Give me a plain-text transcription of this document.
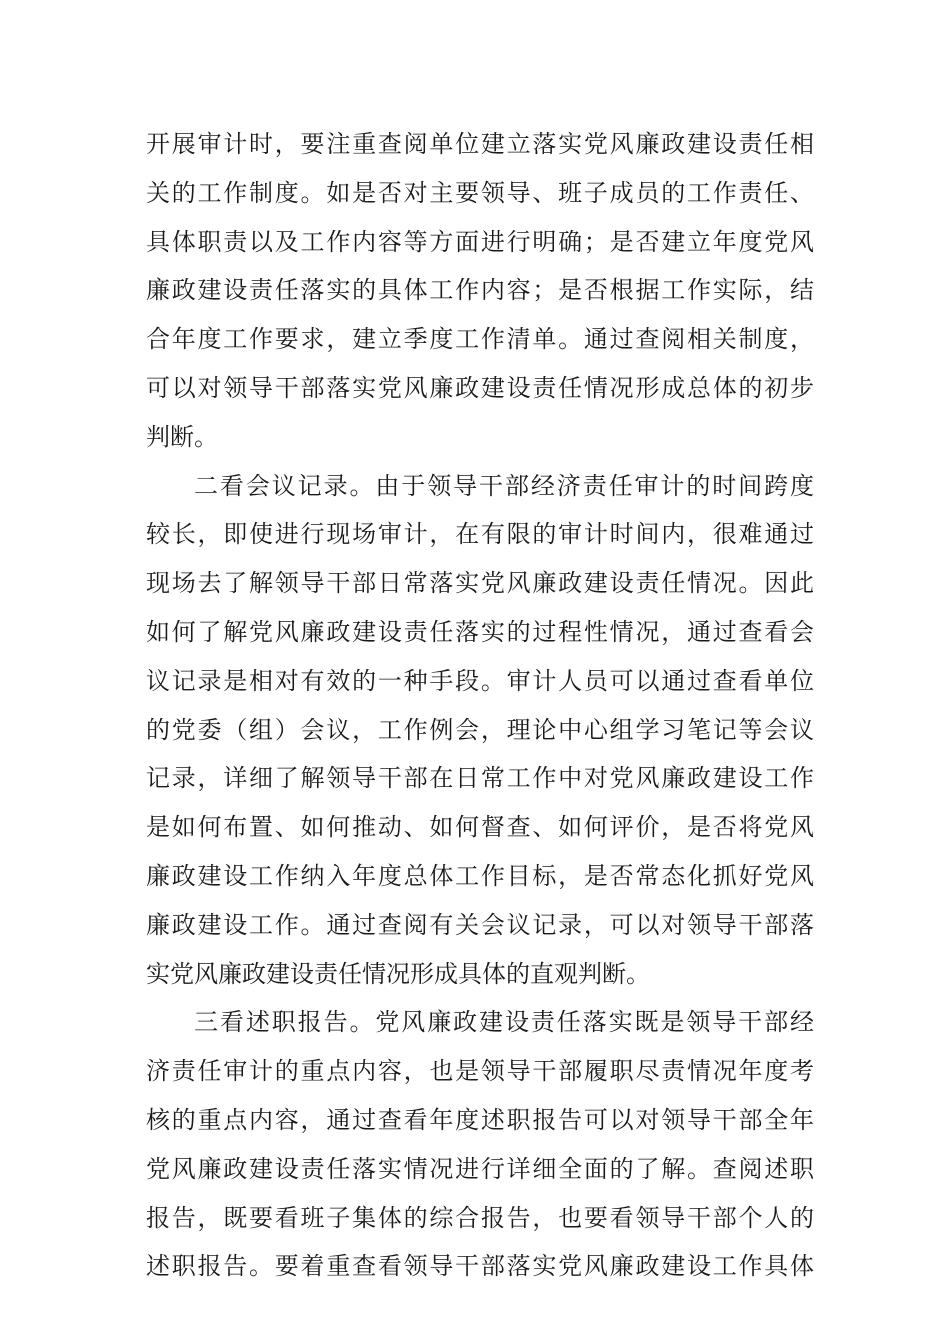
开展审计时，要注重查阅单位建立落实党风廉政建设责任相
关的工作制度。如是否对主要领导、班子成员的工作责任、
具体职责以及工作内容等方面进行明确；是否建立年度党风
廉政建设责任落实的具体工作内容；是否根据工作实际，结
合年度工作要求，建立季度工作清单。通过查阅相关制度，
可以对领导干部落实党风廉政建设责任情况形成总体的初步
判断。
二看会议记录。由于领导干部经济责任审计的时间跨度
较长，即使进行现场审计，在有限的审计时间内，很难通过
现场去了解领导干部日常落实党风廉政建设责任情况。因此
如何了解党风廉政建设责任落实的过程性情况，通过查看会
议记录是相对有效的一种手段。审计人员可以通过查看单位
的党委（组）会议，工作例会，理论中心组学习笔记等会议
记录，详细了解领导干部在日常工作中对党风廉政建设工作
是如何布置、如何推动、如何督查、如何评价，是否将党风
廉政建设工作纳入年度总体工作目标，是否常态化抓好党风
廉政建设工作。通过查阅有关会议记录，可以对领导干部落
实党风廉政建设责任情况形成具体的直观判断。
三看述职报告。党风廉政建设责任落实既是领导干部经
济责任审计的重点内容，也是领导干部履职尽责情况年度考
核的重点内容，通过查看年度述职报告可以对领导干部全年
党风廉政建设责任落实情况进行详细全面的了解。查阅述职
报告，既要看班子集体的综合报告，也要看领导干部个人的
述职报告。要着重查看领导干部落实党风廉政建设工作具体
